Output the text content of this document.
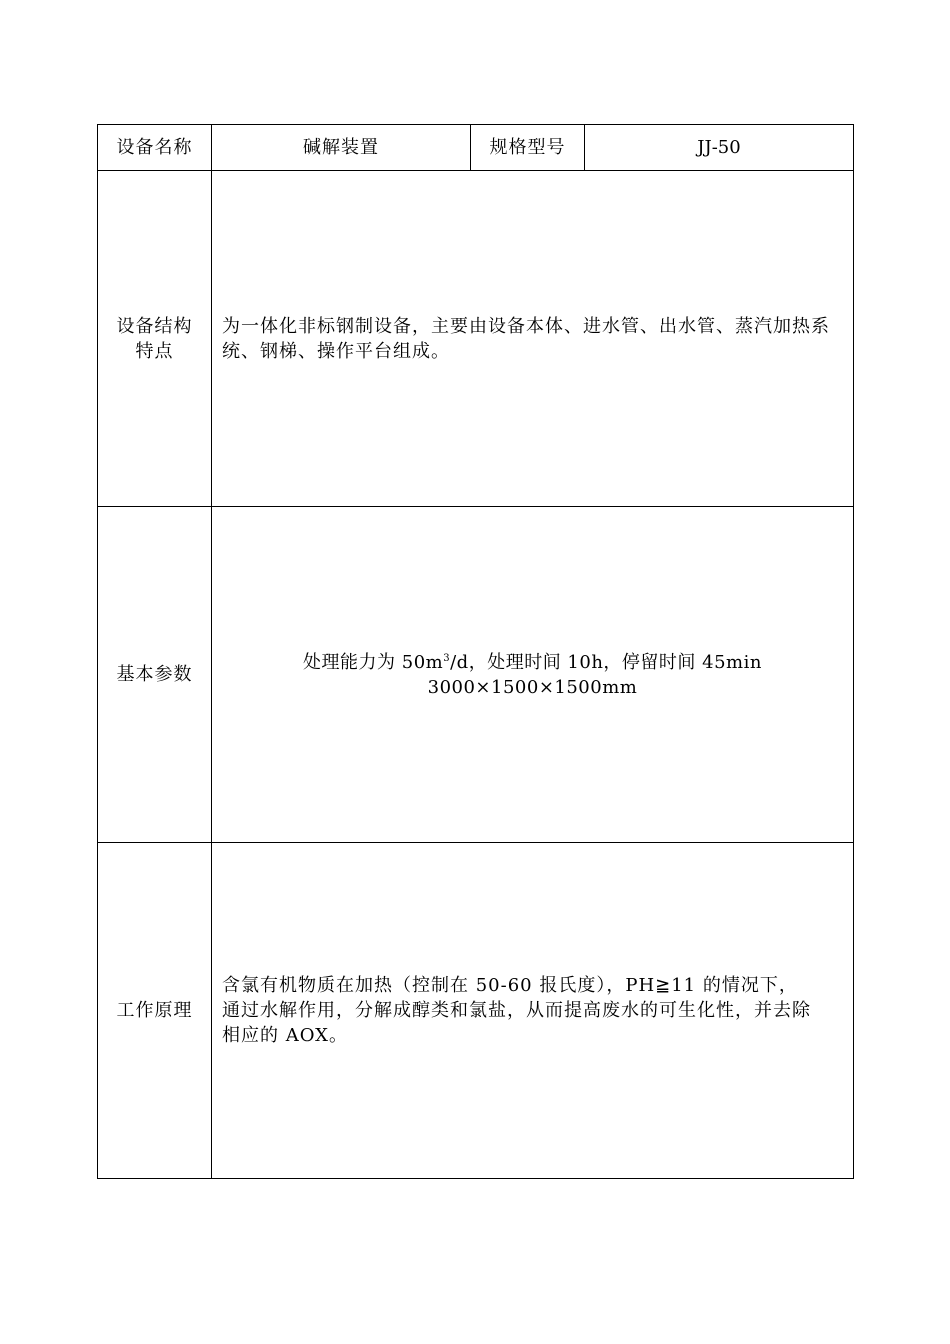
设备名称	碱解装置	规格型号	JJ-50

设备结构
特点	为一体化非标钢制设备，主要由设备本体、进水管、出水管、蒸汽加热系统、钢梯、操作平台组成。		
基本参数	处理能力为 $50m^3/d$，处理时间 10h，停留时间 45min
3000×1500×1500mm		

工作原理	含氯有机物质在加热（控制在 50-60 报氏度），PH≧11 的情况下，通过水解作用，分解成醇类和氯盐，从而提高废水的可生化性，并去除相应的 AOX。		
